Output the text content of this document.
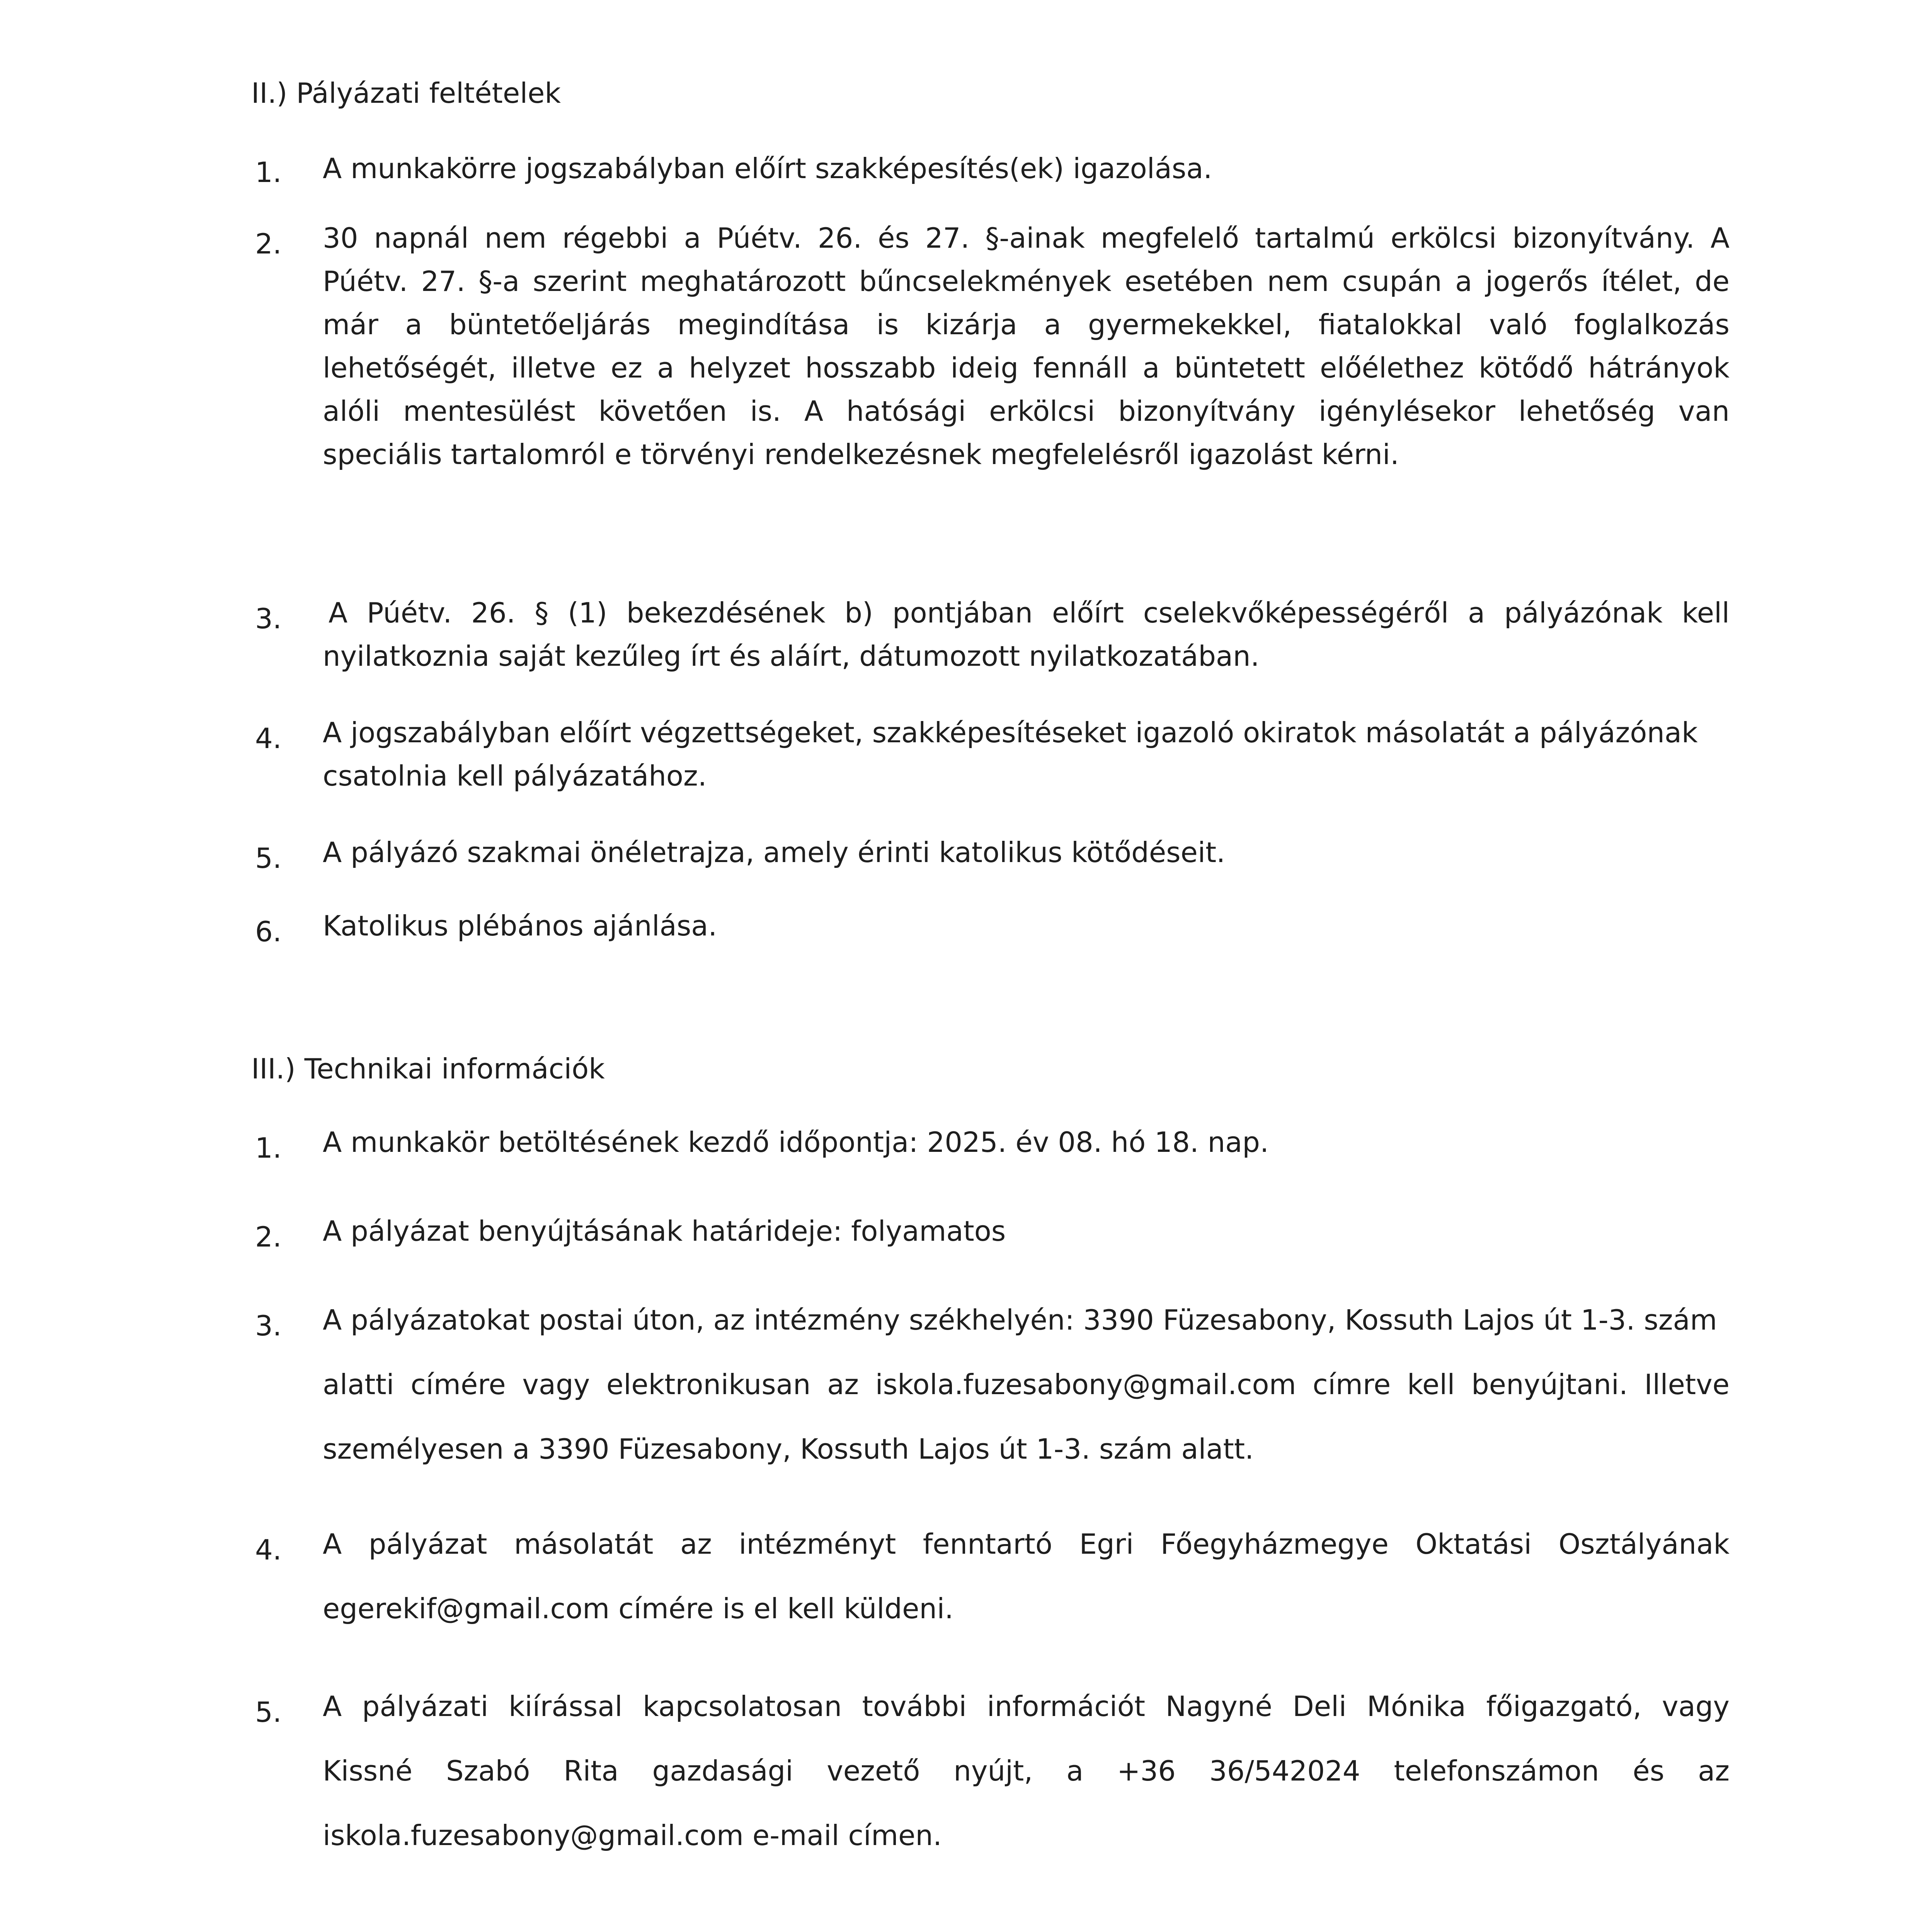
II.) Pályázati feltételek

1. A munkakörre jogszabályban előírt szakképesítés(ek) igazolása.

2. 30 napnál nem régebbi a Púétv. 26. és 27. §-ainak megfelelő tartalmú erkölcsi bizonyítvány. A

Púétv. 27. §-a szerint meghatározott bűncselekmények esetében nem csupán a jogerős ítélet, de

már a büntetőeljárás megindítása is kizárja a gyermekekkel, fiatalokkal való foglalkozás

lehetőségét, illetve ez a helyzet hosszabb ideig fennáll a büntetett előélethez kötődő hátrányok

alóli mentesülést követően is. A hatósági erkölcsi bizonyítvány igénylésekor lehetőség van

speciális tartalomról e törvényi rendelkezésnek megfelelésről igazolást kérni.

3. A Púétv. 26. § (1) bekezdésének b) pontjában előírt cselekvőképességéről a pályázónak kell

nyilatkoznia saját kezűleg írt és aláírt, dátumozott nyilatkozatában.

4. A jogszabályban előírt végzettségeket, szakképesítéseket igazoló okiratok másolatát a pályázónak

csatolnia kell pályázatához.

5. A pályázó szakmai önéletrajza, amely érinti katolikus kötődéseit.

6. Katolikus plébános ajánlása.

III.) Technikai információk

1. A munkakör betöltésének kezdő időpontja: 2025. év 08. hó 18. nap.

2. A pályázat benyújtásának határideje: folyamatos

3. A pályázatokat postai úton, az intézmény székhelyén: 3390 Füzesabony, Kossuth Lajos út 1-3. szám

alatti címére vagy elektronikusan az iskola.fuzesabony@gmail.com címre kell benyújtani. Illetve

személyesen a 3390 Füzesabony, Kossuth Lajos út 1-3. szám alatt.

4. A pályázat másolatát az intézményt fenntartó Egri Főegyházmegye Oktatási Osztályának

egerekif@gmail.com címére is el kell küldeni.

5. A pályázati kiírással kapcsolatosan további információt Nagyné Deli Mónika főigazgató, vagy

Kissné Szabó Rita gazdasági vezető nyújt, a +36 36/542024 telefonszámon és az

iskola.fuzesabony@gmail.com e-mail címen.
